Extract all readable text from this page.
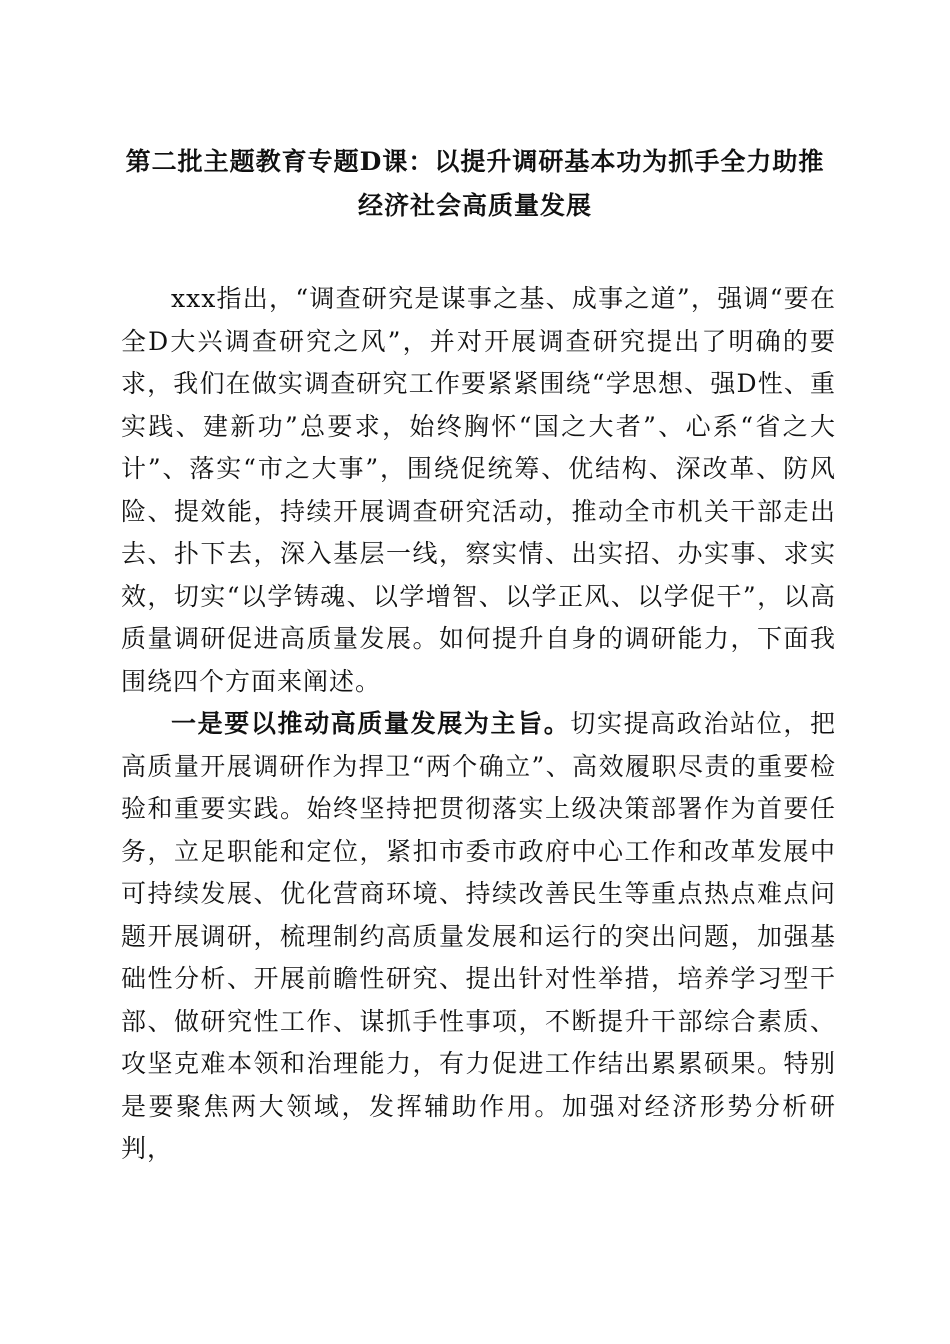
第二批主题教育专题D课：以提升调研基本功为抓手全力助推
经济社会高质量发展

xxx指出，“调查研究是谋事之基、成事之道”，强调“要在全D大兴调查研究之风”，并对开展调查研究提出了明确的要求，我们在做实调查研究工作要紧紧围绕“学思想、强D性、重实践、建新功”总要求，始终胸怀“国之大者”、心系“省之大计”、落实“市之大事”，围绕促统筹、优结构、深改革、防风险、提效能，持续开展调查研究活动，推动全市机关干部走出去、扑下去，深入基层一线，察实情、出实招、办实事、求实效，切实“以学铸魂、以学增智、以学正风、以学促干”，以高质量调研促进高质量发展。如何提升自身的调研能力，下面我围绕四个方面来阐述。

一是要以推动高质量发展为主旨。切实提高政治站位，把高质量开展调研作为捍卫“两个确立”、高效履职尽责的重要检验和重要实践。始终坚持把贯彻落实上级决策部署作为首要任务，立足职能和定位，紧扣市委市政府中心工作和改革发展中可持续发展、优化营商环境、持续改善民生等重点热点难点问题开展调研，梳理制约高质量发展和运行的突出问题，加强基础性分析、开展前瞻性研究、提出针对性举措，培养学习型干部、做研究性工作、谋抓手性事项，不断提升干部综合素质、攻坚克难本领和治理能力，有力促进工作结出累累硕果。特别是要聚焦两大领域，发挥辅助作用。加强对经济形势分析研判，
